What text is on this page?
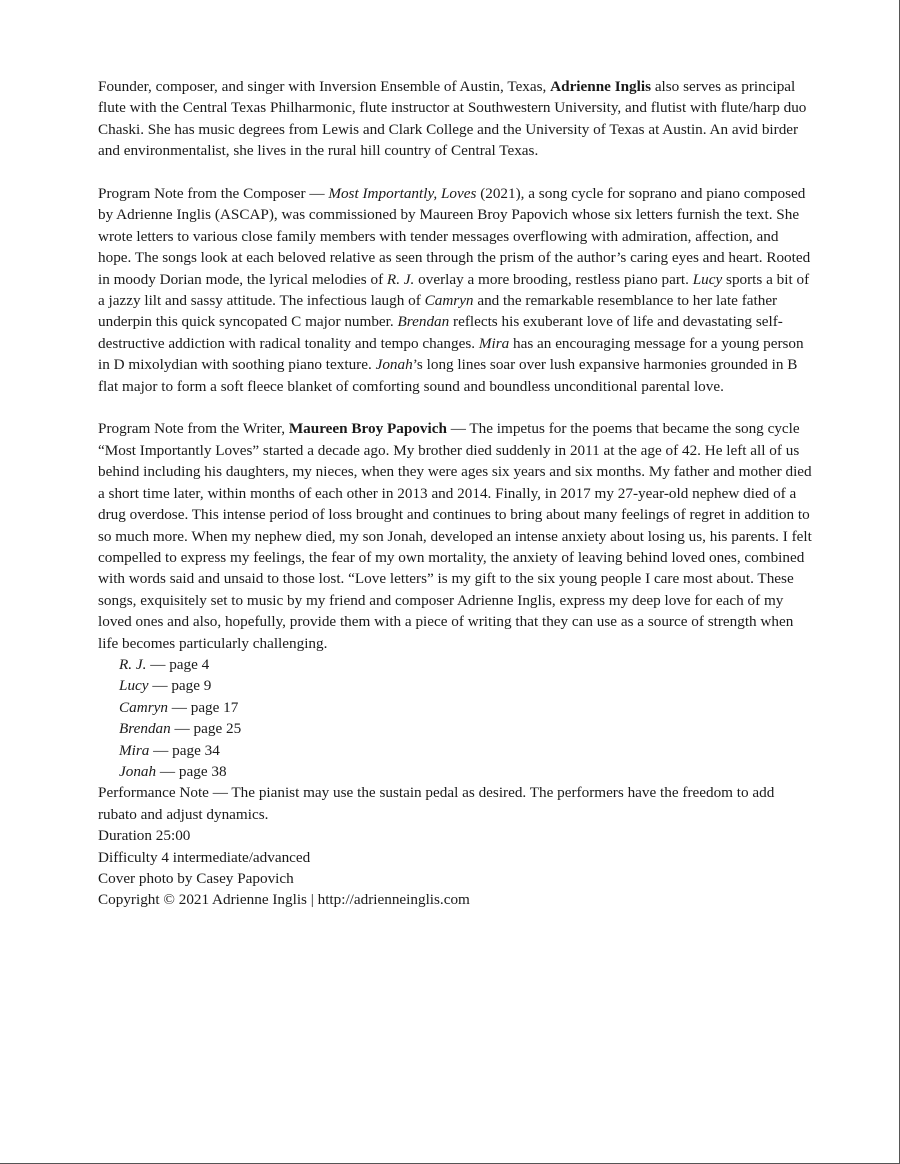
Founder, composer, and singer with Inversion Ensemble of Austin, Texas, Adrienne Inglis also serves as principal flute with the Central Texas Philharmonic, flute instructor at Southwestern University, and flutist with flute/harp duo Chaski. She has music degrees from Lewis and Clark College and the University of Texas at Austin. An avid birder and environmentalist, she lives in the rural hill country of Central Texas.

Program Note from the Composer — Most Importantly, Loves (2021), a song cycle for soprano and piano composed by Adrienne Inglis (ASCAP), was commissioned by Maureen Broy Papovich whose six letters furnish the text. She wrote letters to various close family members with tender messages overflowing with admiration, affection, and hope. The songs look at each beloved relative as seen through the prism of the author’s caring eyes and heart. Rooted in moody Dorian mode, the lyrical melodies of R. J. overlay a more brooding, restless piano part. Lucy sports a bit of a jazzy lilt and sassy attitude. The infectious laugh of Camryn and the remarkable resemblance to her late father underpin this quick syncopated C major number. Brendan reflects his exuberant love of life and devastating self-destructive addiction with radical tonality and tempo changes. Mira has an encouraging message for a young person in D mixolydian with soothing piano texture. Jonah’s long lines soar over lush expansive harmonies grounded in B flat major to form a soft fleece blanket of comforting sound and boundless unconditional parental love.

Program Note from the Writer, Maureen Broy Papovich — The impetus for the poems that became the song cycle “Most Importantly Loves” started a decade ago. My brother died suddenly in 2011 at the age of 42. He left all of us behind including his daughters, my nieces, when they were ages six years and six months. My father and mother died a short time later, within months of each other in 2013 and 2014. Finally, in 2017 my 27-year-old nephew died of a drug overdose. This intense period of loss brought and continues to bring about many feelings of regret in addition to so much more. When my nephew died, my son Jonah, developed an intense anxiety about losing us, his parents. I felt compelled to express my feelings, the fear of my own mortality, the anxiety of leaving behind loved ones, combined with words said and unsaid to those lost. “Love letters” is my gift to the six young people I care most about. These songs, exquisitely set to music by my friend and composer Adrienne Inglis, express my deep love for each of my loved ones and also, hopefully, provide them with a piece of writing that they can use as a source of strength when life becomes particularly challenging.

R. J. — page 4
Lucy — page 9
Camryn — page 17
Brendan — page 25
Mira — page 34
Jonah — page 38
Performance Note — The pianist may use the sustain pedal as desired. The performers have the freedom to add rubato and adjust dynamics.
Duration 25:00
Difficulty 4 intermediate/advanced
Cover photo by Casey Papovich
Copyright © 2021 Adrienne Inglis | http://adrienneinglis.com
